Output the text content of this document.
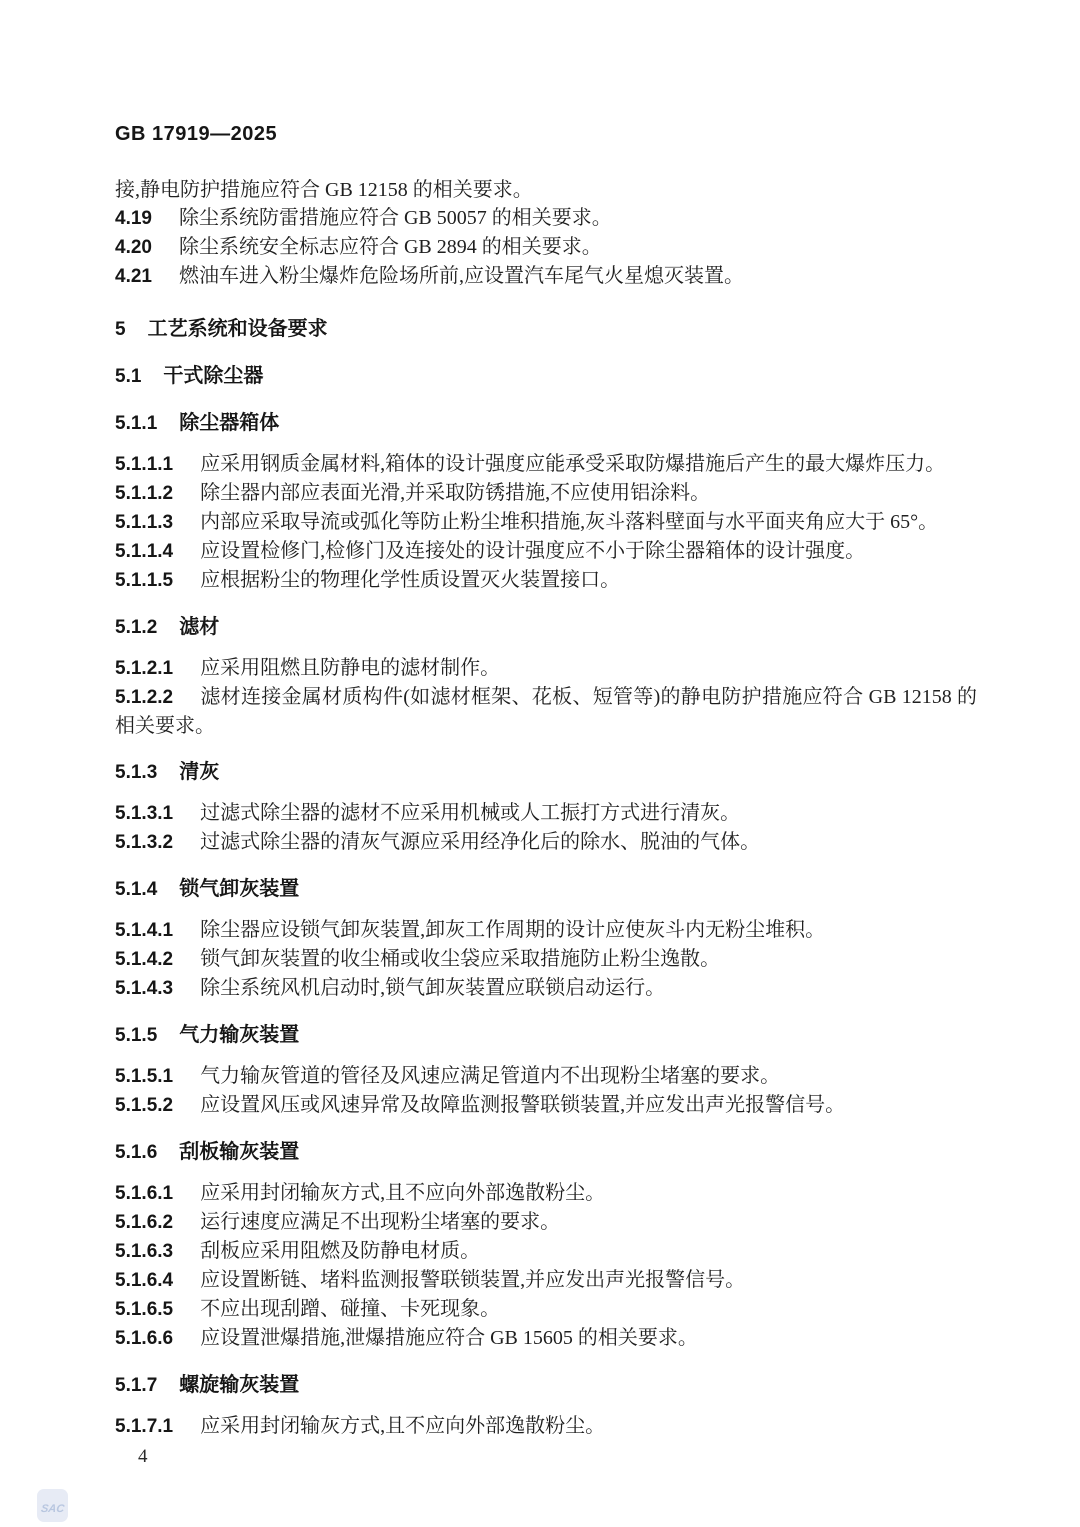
GB 17919—2025
接,静电防护措施应符合 GB 12158 的相关要求。
4.19 除尘系统防雷措施应符合 GB 50057 的相关要求。
4.20 除尘系统安全标志应符合 GB 2894 的相关要求。
4.21 燃油车进入粉尘爆炸危险场所前,应设置汽车尾气火星熄灭装置。
5 工艺系统和设备要求
5.1 干式除尘器
5.1.1 除尘器箱体
5.1.1.1 应采用钢质金属材料,箱体的设计强度应能承受采取防爆措施后产生的最大爆炸压力。
5.1.1.2 除尘器内部应表面光滑,并采取防锈措施,不应使用铝涂料。
5.1.1.3 内部应采取导流或弧化等防止粉尘堆积措施,灰斗落料壁面与水平面夹角应大于 65°。
5.1.1.4 应设置检修门,检修门及连接处的设计强度应不小于除尘器箱体的设计强度。
5.1.1.5 应根据粉尘的物理化学性质设置灭火装置接口。
5.1.2 滤材
5.1.2.1 应采用阻燃且防静电的滤材制作。
5.1.2.2 滤材连接金属材质构件(如滤材框架、花板、短管等)的静电防护措施应符合 GB 12158 的相关要求。
5.1.3 清灰
5.1.3.1 过滤式除尘器的滤材不应采用机械或人工振打方式进行清灰。
5.1.3.2 过滤式除尘器的清灰气源应采用经净化后的除水、脱油的气体。
5.1.4 锁气卸灰装置
5.1.4.1 除尘器应设锁气卸灰装置,卸灰工作周期的设计应使灰斗内无粉尘堆积。
5.1.4.2 锁气卸灰装置的收尘桶或收尘袋应采取措施防止粉尘逸散。
5.1.4.3 除尘系统风机启动时,锁气卸灰装置应联锁启动运行。
5.1.5 气力输灰装置
5.1.5.1 气力输灰管道的管径及风速应满足管道内不出现粉尘堵塞的要求。
5.1.5.2 应设置风压或风速异常及故障监测报警联锁装置,并应发出声光报警信号。
5.1.6 刮板输灰装置
5.1.6.1 应采用封闭输灰方式,且不应向外部逸散粉尘。
5.1.6.2 运行速度应满足不出现粉尘堵塞的要求。
5.1.6.3 刮板应采用阻燃及防静电材质。
5.1.6.4 应设置断链、堵料监测报警联锁装置,并应发出声光报警信号。
5.1.6.5 不应出现刮蹭、碰撞、卡死现象。
5.1.6.6 应设置泄爆措施,泄爆措施应符合 GB 15605 的相关要求。
5.1.7 螺旋输灰装置
5.1.7.1 应采用封闭输灰方式,且不应向外部逸散粉尘。
4
SAC
